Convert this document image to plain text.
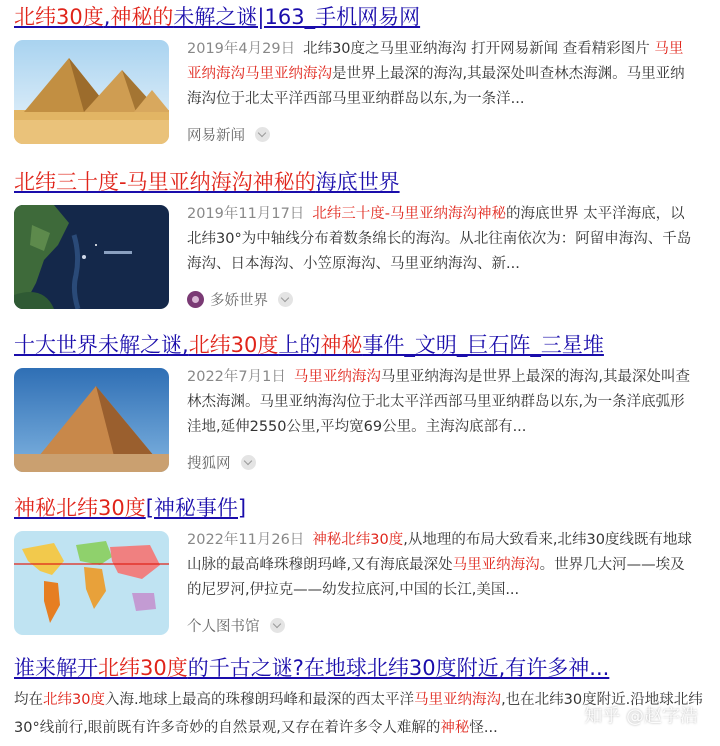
北纬30度,神秘的未解之谜|163_手机网易网
2019年4月29日 北纬30度之马里亚纳海沟 打开网易新闻 查看精彩图片 马里亚纳海沟马里亚纳海沟是世界上最深的海沟,其最深处叫查林杰海渊。马里亚纳海沟位于北太平洋西部马里亚纳群岛以东,为一条洋...
网易新闻
北纬三十度-马里亚纳海沟神秘的海底世界
2019年11月17日 北纬三十度-马里亚纳海沟神秘的海底世界 太平洋海底，以北纬30°为中轴线分布着数条绵长的海沟。从北往南依次为：阿留申海沟、千岛海沟、日本海沟、小笠原海沟、马里亚纳海沟、新...
多娇世界
十大世界未解之谜,北纬30度上的神秘事件_文明_巨石阵_三星堆
2022年7月1日 马里亚纳海沟马里亚纳海沟是世界上最深的海沟,其最深处叫查林杰海渊。马里亚纳海沟位于北太平洋西部马里亚纳群岛以东,为一条洋底弧形洼地,延伸2550公里,平均宽69公里。主海沟底部有...
搜狐网
神秘北纬30度[神秘事件]
2022年11月26日 神秘北纬30度,从地理的布局大致看来,北纬30度线既有地球山脉的最高峰珠穆朗玛峰,又有海底最深处马里亚纳海沟。世界几大河——埃及的尼罗河,伊拉克——幼发拉底河,中国的长江,美国...
个人图书馆
谁来解开北纬30度的千古之谜?在地球北纬30度附近,有许多神...
均在北纬30度入海.地球上最高的珠穆朗玛峰和最深的西太平洋马里亚纳海沟,也在北纬30度附近.沿地球北纬30°线前行,眼前既有许多奇妙的自然景观,又存在着许多令人难解的神秘怪...
知乎 @赵字浩
